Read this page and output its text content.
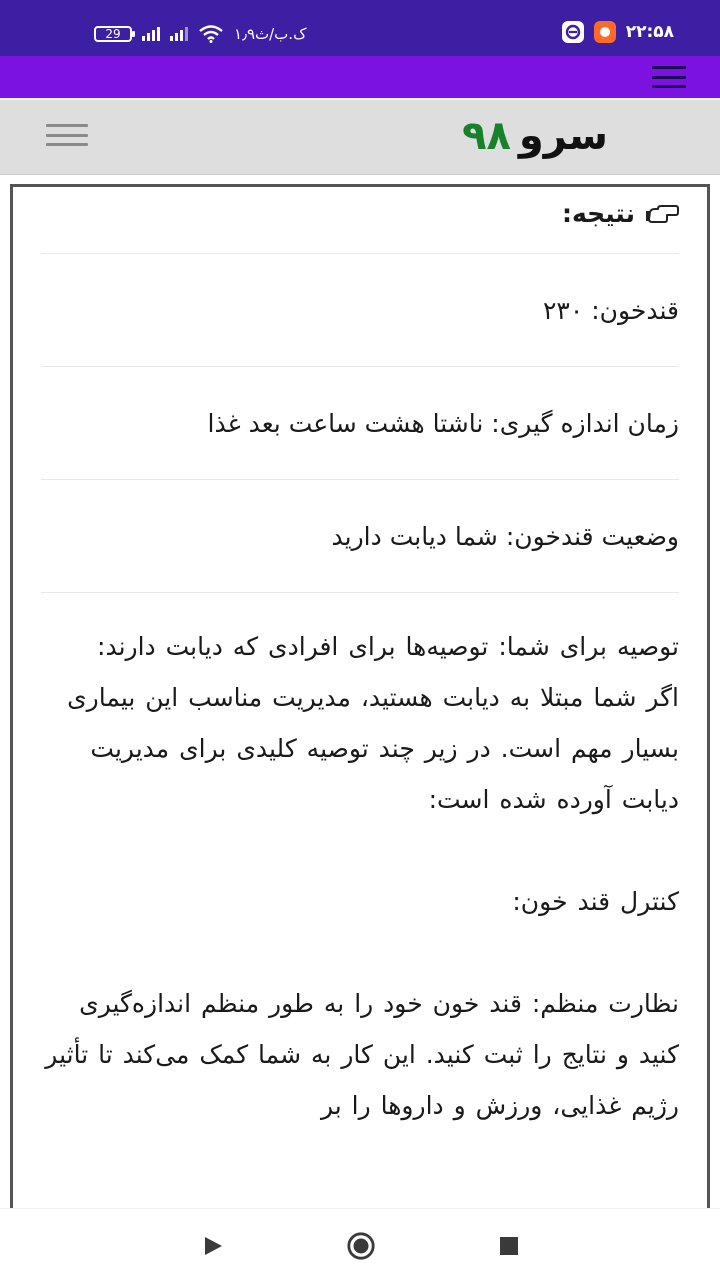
29	۱٫۹ک.ب/ث	۲۲:۵۸
سرو
۹۸
نتیجه:
قندخون: ۲۳۰
زمان اندازه گیری: ناشتا هشت ساعت بعد غذا
وضعیت قندخون: شما دیابت دارید

توصیه برای شما: توصیه‌ها برای افرادی که دیابت دارند:

اگر شما مبتلا به دیابت هستید، مدیریت مناسب این بیماری بسیار مهم است. در زیر چند توصیه کلیدی برای مدیریت دیابت آورده شده است:

کنترل قند خون:

نظارت منظم: قند خون خود را به طور منظم اندازه‌گیری کنید و نتایج را ثبت کنید. این کار به شما کمک می‌کند تا تأثیر رژیم غذایی، ورزش و داروها را بر
